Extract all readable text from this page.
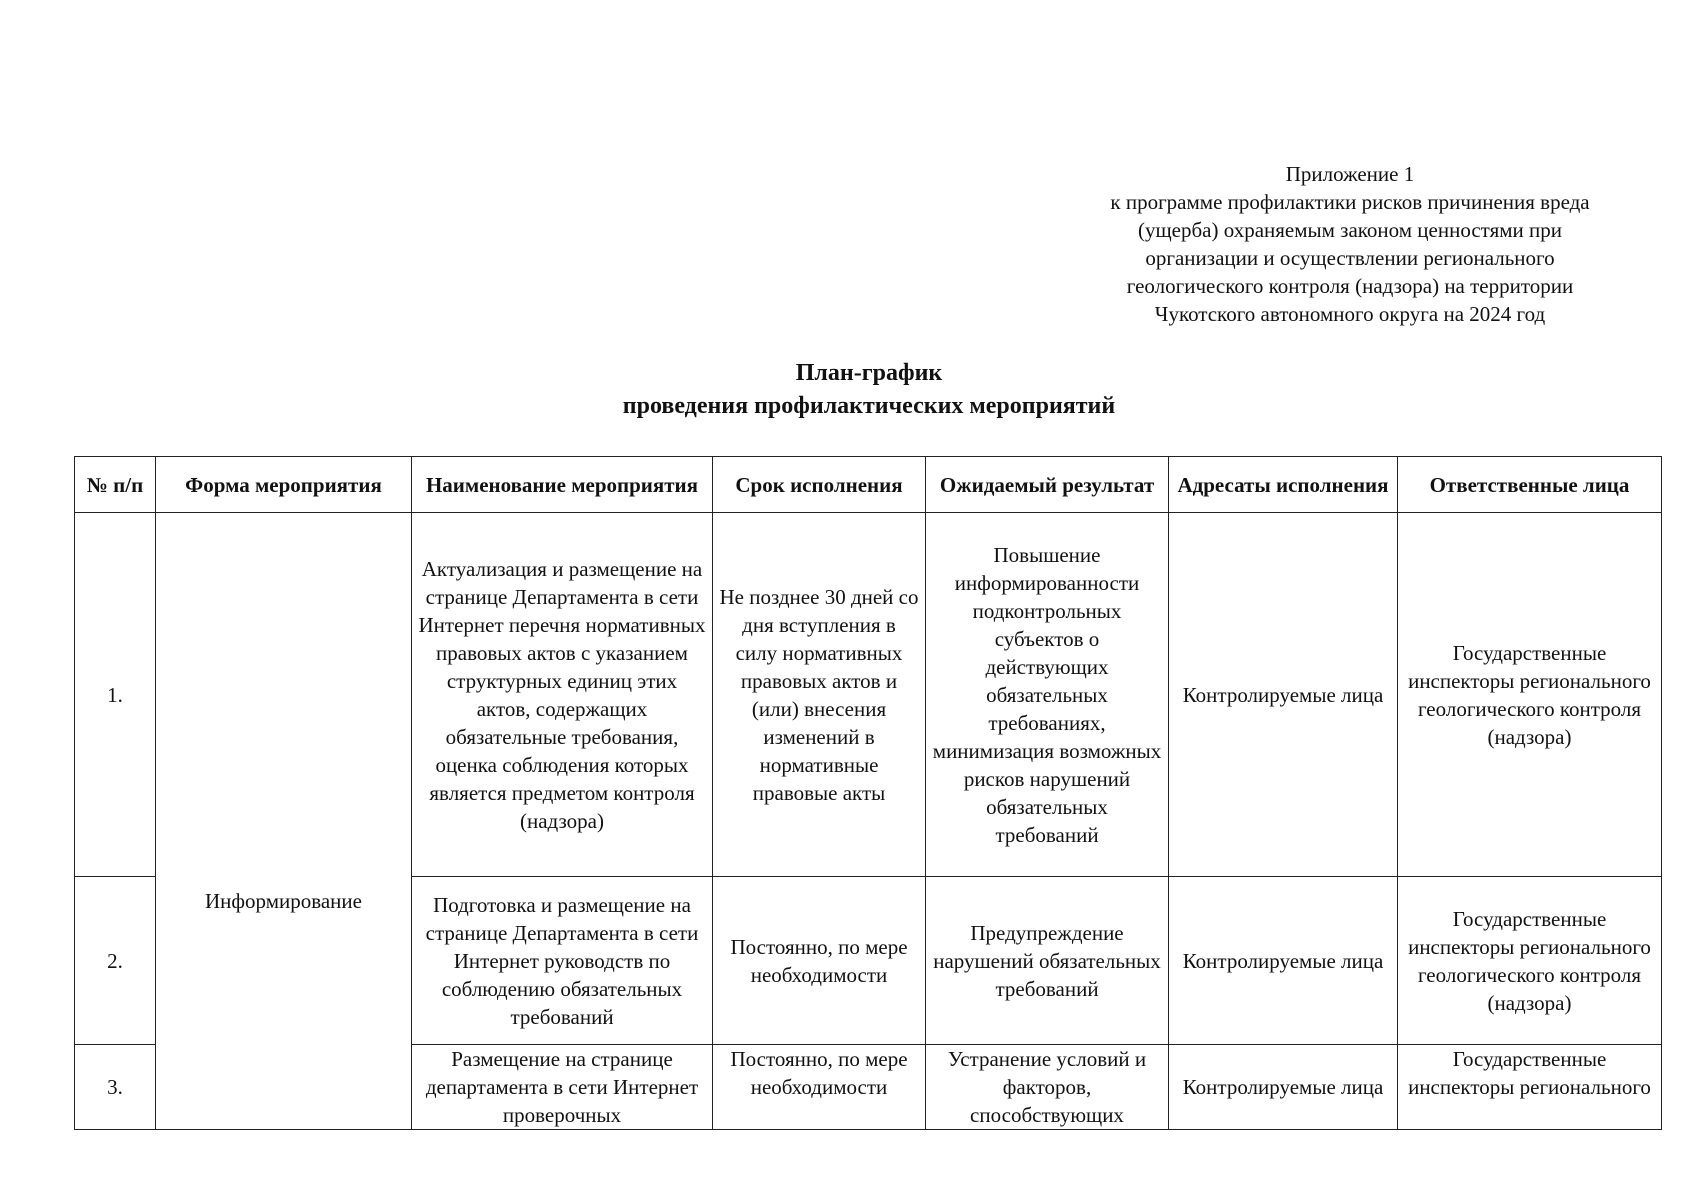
Приложение 1
к программе профилактики рисков причинения вреда
(ущерба) охраняемым законом ценностями при
организации и осуществлении регионального
геологического контроля (надзора) на территории
Чукотского автономного округа на 2024 год
План-график
проведения профилактических мероприятий
№ п/п	Форма мероприятия	Наименование мероприятия	Срок исполнения	Ожидаемый результат	Адресаты исполнения	Ответственные лица
1.	Информирование	Актуализация и размещение на странице Департамента в сети Интернет перечня нормативных правовых актов с указанием структурных единиц этих актов, содержащих обязательные требования, оценка соблюдения которых является предметом контроля (надзора)	Не позднее 30 дней со дня вступления в силу нормативных правовых актов и (или) внесения изменений в нормативные правовые акты	Повышение информированности подконтрольных субъектов о действующих обязательных требованиях, минимизация возможных рисков нарушений обязательных требований	Контролируемые лица	Государственные инспекторы регионального геологического контроля (надзора)
2.		Подготовка и размещение на странице Департамента в сети Интернет руководств по соблюдению обязательных требований	Постоянно, по мере необходимости	Предупреждение нарушений обязательных требований	Контролируемые лица	Государственные инспекторы регионального геологического контроля (надзора)
3.		Размещение на странице департамента в сети Интернет проверочных	Постоянно, по мере необходимости	Устранение условий и факторов, способствующих	Контролируемые лица	Государственные инспекторы регионального
